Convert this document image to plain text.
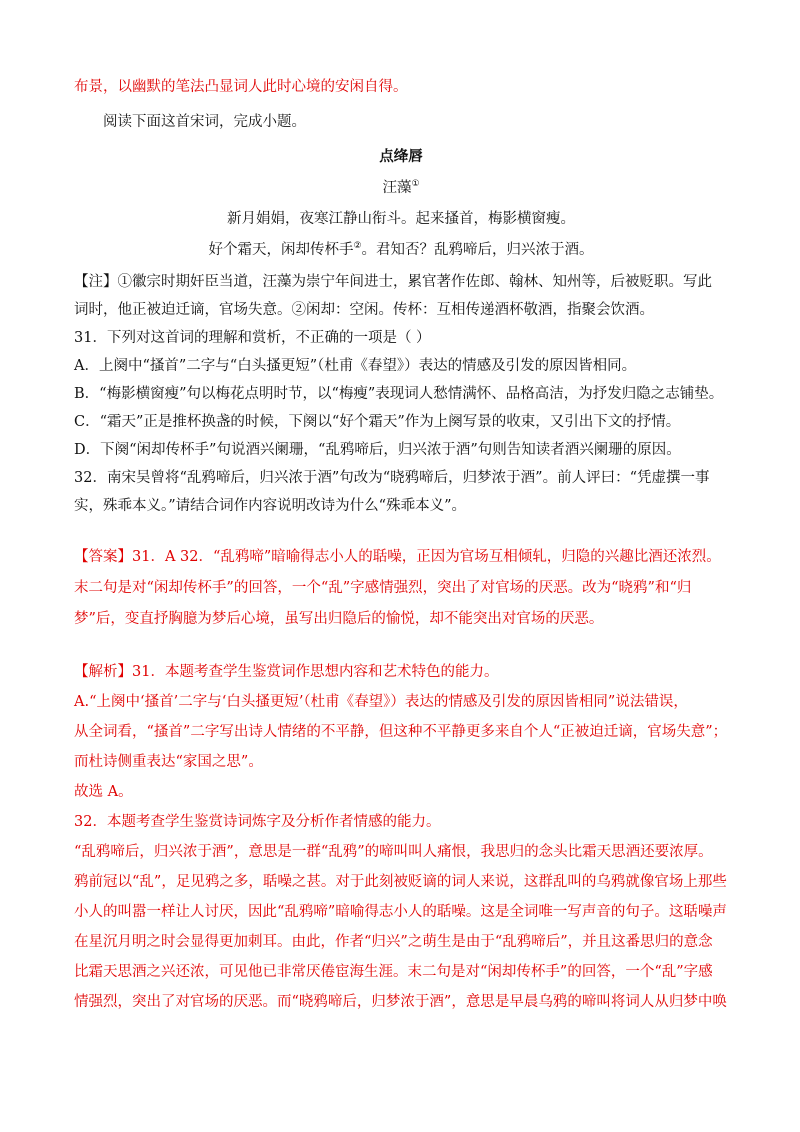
布景，以幽默的笔法凸显词人此时心境的安闲自得。
阅读下面这首宋词，完成小题。
点绛唇
汪藻①
新月娟娟，夜寒江静山衔斗。起来搔首，梅影横窗瘦。
好个霜天，闲却传杯手②。君知否？乱鸦啼后，归兴浓于酒。
【注】①徽宗时期奸臣当道，汪藻为崇宁年间进士，累官著作佐郎、翰林、知州等，后被贬职。写此
词时，他正被迫迁谪，官场失意。②闲却：空闲。传杯：互相传递酒杯敬酒，指聚会饮酒。
31．下列对这首词的理解和赏析，不正确的一项是（ ）
A．上阕中“搔首”二字与“白头搔更短”（杜甫《春望》）表达的情感及引发的原因皆相同。
B．“梅影横窗瘦”句以梅花点明时节，以“梅瘦”表现词人愁情满怀、品格高洁，为抒发归隐之志铺垫。
C．“霜天”正是推杯换盏的时候，下阕以“好个霜天”作为上阕写景的收束，又引出下文的抒情。
D．下阕“闲却传杯手”句说酒兴阑珊，“乱鸦啼后，归兴浓于酒”句则告知读者酒兴阑珊的原因。
32．南宋吴曾将“乱鸦啼后，归兴浓于酒”句改为“晓鸦啼后，归梦浓于酒”。前人评曰：“凭虚撰一事
实，殊乖本义。”请结合词作内容说明改诗为什么“殊乖本义”。
【答案】31．A 32．“乱鸦啼”暗喻得志小人的聒噪，正因为官场互相倾轧，归隐的兴趣比酒还浓烈。
末二句是对“闲却传杯手”的回答，一个“乱”字感情强烈，突出了对官场的厌恶。改为“晓鸦”和“归
梦”后，变直抒胸臆为梦后心境，虽写出归隐后的愉悦，却不能突出对官场的厌恶。
【解析】31．本题考查学生鉴赏词作思想内容和艺术特色的能力。
A.“上阕中‘搔首’二字与‘白头搔更短’（杜甫《春望》）表达的情感及引发的原因皆相同”说法错误，
从全词看，“搔首”二字写出诗人情绪的不平静，但这种不平静更多来自个人“正被迫迁谪，官场失意”；
而杜诗侧重表达“家国之思”。
故选 A。
32．本题考查学生鉴赏诗词炼字及分析作者情感的能力。
“乱鸦啼后，归兴浓于酒”，意思是一群“乱鸦”的啼叫叫人痛恨，我思归的念头比霜天思酒还要浓厚。
鸦前冠以“乱”，足见鸦之多，聒噪之甚。对于此刻被贬谪的词人来说，这群乱叫的乌鸦就像官场上那些
小人的叫嚣一样让人讨厌，因此“乱鸦啼”暗喻得志小人的聒噪。这是全词唯一写声音的句子。这聒噪声
在星沉月明之时会显得更加刺耳。由此，作者“归兴”之萌生是由于“乱鸦啼后”，并且这番思归的意念
比霜天思酒之兴还浓，可见他已非常厌倦宦海生涯。末二句是对“闲却传杯手”的回答，一个“乱”字感
情强烈，突出了对官场的厌恶。而“晓鸦啼后，归梦浓于酒”，意思是早晨乌鸦的啼叫将词人从归梦中唤
